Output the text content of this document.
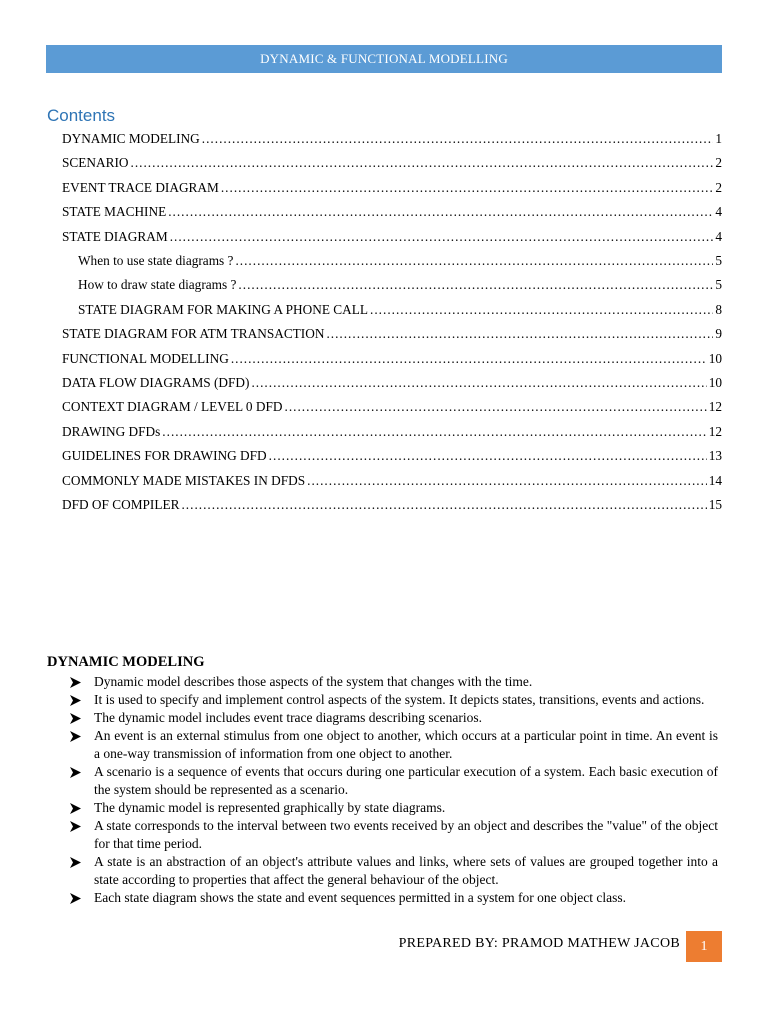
DYNAMIC & FUNCTIONAL MODELLING
Contents
DYNAMIC MODELING .....	1
SCENARIO .....	2
EVENT TRACE DIAGRAM .....	2
STATE MACHINE .....	4
STATE DIAGRAM .....	4
When to use state diagrams ? .....	5
How to draw state diagrams ? .....	5
STATE DIAGRAM FOR MAKING A PHONE CALL .....	8
STATE DIAGRAM FOR ATM TRANSACTION .....	9
FUNCTIONAL MODELLING .....	10
DATA FLOW DIAGRAMS (DFD) .....	10
CONTEXT DIAGRAM / LEVEL 0 DFD .....	12
DRAWING DFDs .....	12
GUIDELINES FOR DRAWING DFD .....	13
COMMONLY MADE MISTAKES IN DFDS .....	14
DFD OF COMPILER .....	15
DYNAMIC MODELING
Dynamic model describes those aspects of the system that changes with the time.
It is used to specify and implement control aspects of the system. It depicts states, transitions, events and actions.
The dynamic model includes event trace diagrams describing scenarios.
An event is an external stimulus from one object to another, which occurs at a particular point in time. An event is a one-way transmission of information from one object to another.
A scenario is a sequence of events that occurs during one particular execution of a system. Each basic execution of the system should be represented as a scenario.
The dynamic model is represented graphically by state diagrams.
A state corresponds to the interval between two events received by an object and describes the "value" of the object for that time period.
A state is an abstraction of an object's attribute values and links, where sets of values are grouped together into a state according to properties that affect the general behaviour of the object.
Each state diagram shows the state and event sequences permitted in a system for one object class.
PREPARED BY: PRAMOD MATHEW JACOB 1
